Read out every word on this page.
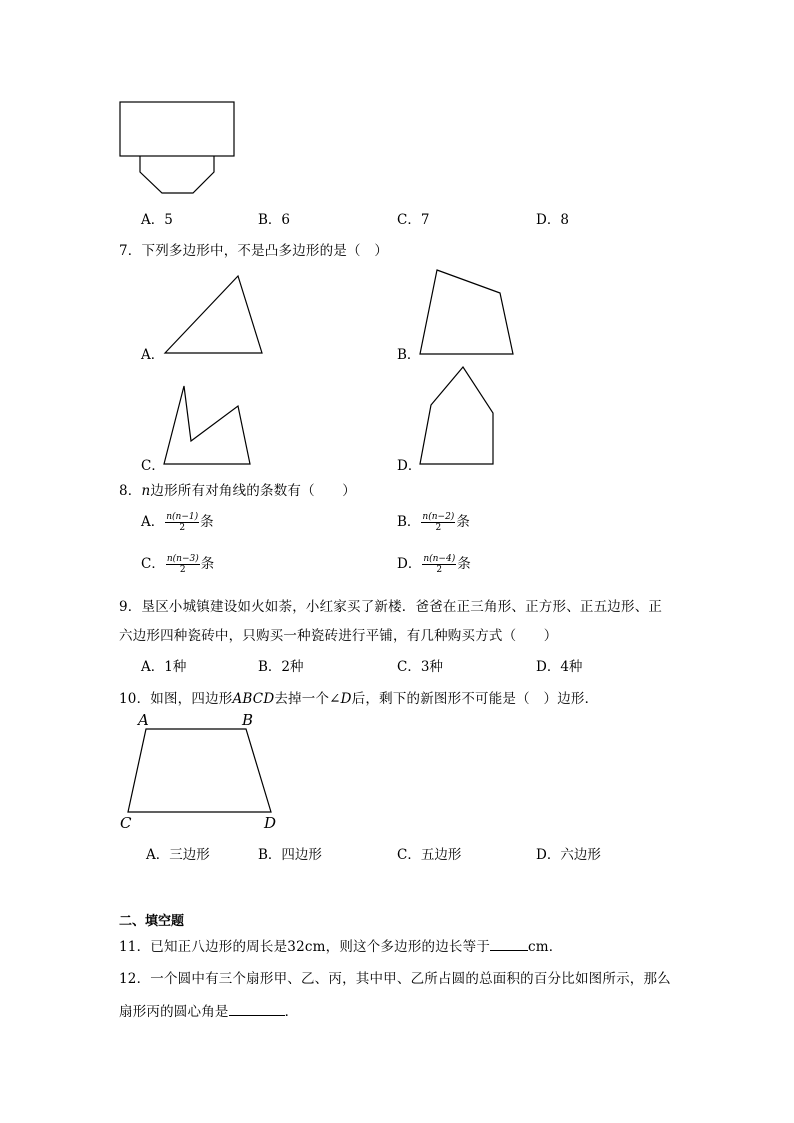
A．5	B．6	C．7	D．8
7．下列多边形中，不是凸多边形的是（　）
A．	B．
C．	D．
8．n边形所有对角线的条数有（　　）
A． $\frac{n(n-1)}{2}$ 条	B． $\frac{n(n-2)}{2}$ 条
C． $\frac{n(n-3)}{2}$ 条	D． $\frac{n(n-4)}{2}$ 条
9．垦区小城镇建设如火如荼，小红家买了新楼．爸爸在正三角形、正方形、正五边形、正
六边形四种瓷砖中，只购买一种瓷砖进行平铺，有几种购买方式（　　）
A．1种	B．2种	C．3种	D．4种
10．如图，四边形ABCD去掉一个∠D后，剩下的新图形不可能是（　）边形．
A	B
C	D
A．三边形	B．四边形	C．五边形	D．六边形
二、填空题
11．已知正八边形的周长是32cm，则这个多边形的边长等于	cm．
12．一个圆中有三个扇形甲、乙、丙，其中甲、乙所占圆的总面积的百分比如图所示，那么
扇形丙的圆心角是	．
